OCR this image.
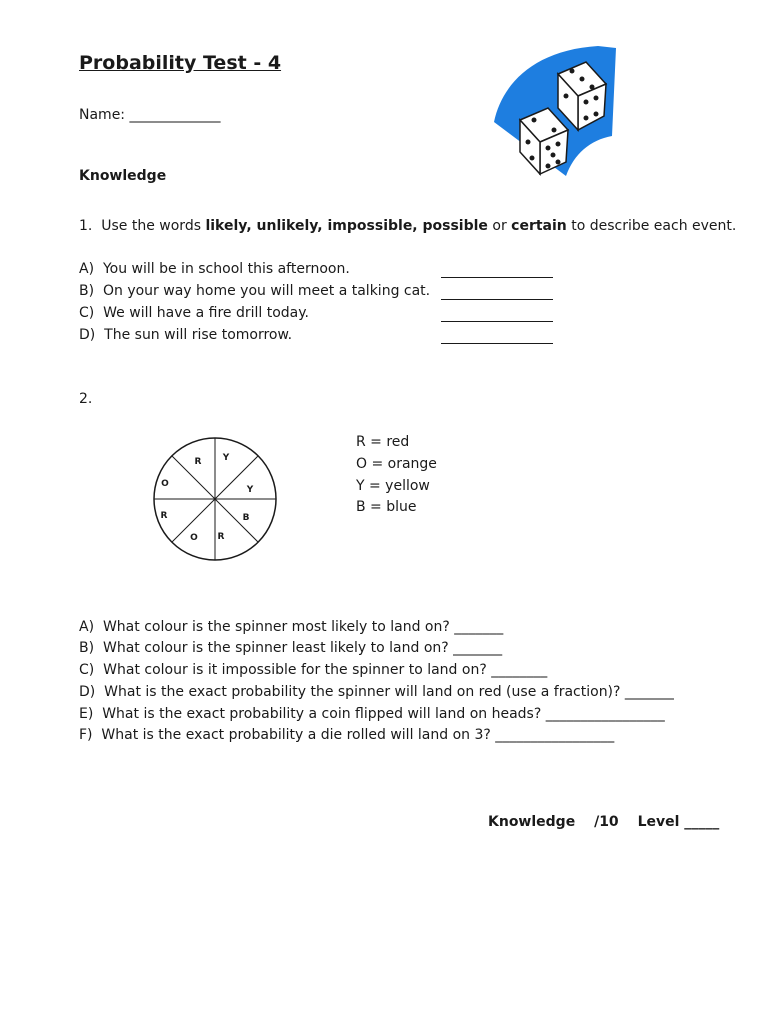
Probability Test - 4
Name: _____________
Knowledge
1. Use the words likely, unlikely, impossible, possible or certain to describe each event.
A) You will be in school this afternoon.
B) On your way home you will meet a talking cat.
C) We will have a fire drill today.
D) The sun will rise tomorrow.
2.
R Y
Y
B
R
O
R
O
R = red
O = orange
Y = yellow
B = blue
A) What colour is the spinner most likely to land on? _______
B) What colour is the spinner least likely to land on? _______
C) What colour is it impossible for the spinner to land on? ________
D) What is the exact probability the spinner will land on red (use a fraction)? _______
E) What is the exact probability a coin flipped will land on heads? _________________
F) What is the exact probability a die rolled will land on 3? _________________
Knowledge /10 Level _____
